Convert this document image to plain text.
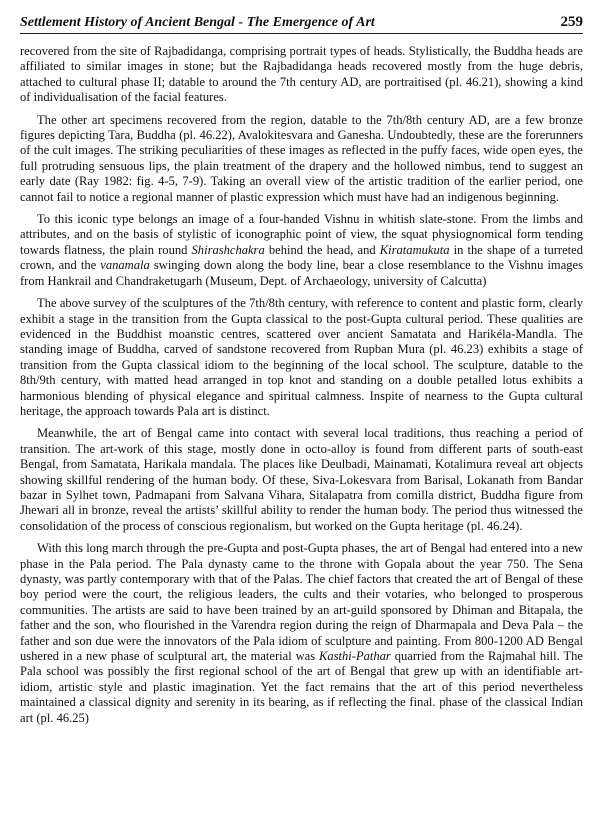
Settlement History of Ancient Bengal - The Emergence of Art	259

recovered from the site of Rajbadidanga, comprising portrait types of heads. Stylistically, the Buddha heads are affiliated to similar images in stone; but the Rajbadidanga heads recovered mostly from the huge debris, attached to cultural phase II; datable to around the 7th century AD, are portraitised (pl. 46.21), showing a kind of individualisation of the facial features.

The other art specimens recovered from the region, datable to the 7th/8th century AD, are a few bronze figures depicting Tara, Buddha (pl. 46.22), Avalokitesvara and Ganesha. Undoubtedly, these are the forerunners of the cult images. The striking peculiarities of these images as reflected in the puffy faces, wide open eyes, the full protruding sensuous lips, the plain treatment of the drapery and the hollowed nimbus, tend to suggest an early date (Ray 1982: fig. 4-5, 7-9). Taking an overall view of the artistic tradition of the earlier period, one cannot fail to notice a regional manner of plastic expression which must have had an indigenous beginning.

To this iconic type belongs an image of a four-handed Vishnu in whitish slate-stone. From the limbs and attributes, and on the basis of stylistic of iconographic point of view, the squat physiognomical form tending towards flatness, the plain round Shirashchakra behind the head, and Kiratamukuta in the shape of a turreted crown, and the vanamala swinging down along the body line, bear a close resemblance to the Vishnu images from Hankrail and Chandraketugarh (Museum, Dept. of Archaeology, university of Calcutta)

The above survey of the sculptures of the 7th/8th century, with reference to content and plastic form, clearly exhibit a stage in the transition from the Gupta classical to the post-Gupta cultural period. These qualities are evidenced in the Buddhist moanstic centres, scattered over ancient Samatata and Harikéla-Mandla. The standing image of Buddha, carved of sandstone recovered from Rupban Mura (pl. 46.23) exhibits a stage of transition from the Gupta classical idiom to the beginning of the local school. The sculpture, datable to the 8th/9th century, with matted head arranged in top knot and standing on a double petalled lotus exhibits a harmonious blending of physical elegance and spiritual calmness. Inspite of nearness to the Gupta cultural heritage, the approach towards Pala art is distinct.

Meanwhile, the art of Bengal came into contact with several local traditions, thus reaching a period of transition. The art-work of this stage, mostly done in octo-alloy is found from different parts of south-east Bengal, from Samatata, Harikala mandala. The places like Deulbadi, Mainamati, Kotalimura reveal art objects showing skillful rendering of the human body. Of these, Siva-Lokesvara from Barisal, Lokanath from Bandar bazar in Sylhet town, Padmapani from Salvana Vihara, Sitalapatra from comilla district, Buddha figure from Jhewari all in bronze, reveal the artists’ skillful ability to render the human body. The period thus witnessed the consolidation of the process of conscious regionalism, but worked on the Gupta heritage (pl. 46.24).

With this long march through the pre-Gupta and post-Gupta phases, the art of Bengal had entered into a new phase in the Pala period. The Pala dynasty came to the throne with Gopala about the year 750. The Sena dynasty, was partly contemporary with that of the Palas. The chief factors that created the art of Bengal of these boy period were the court, the religious leaders, the cults and their votaries, who belonged to prosperous communities. The artists are said to have been trained by an art-guild sponsored by Dhiman and Bitapala, the father and the son, who flourished in the Varendra region during the reign of Dharmapala and Deva Pala – the father and son due were the innovators of the Pala idiom of sculpture and painting. From 800-1200 AD Bengal ushered in a new phase of sculptural art, the material was Kasthi-Pathar quarried from the Rajmahal hill. The Pala school was possibly the first regional school of the art of Bengal that grew up with an identifiable art-idiom, artistic style and plastic imagination. Yet the fact remains that the art of this period nevertheless maintained a classical dignity and serenity in its bearing, as if reflecting the final. phase of the classical Indian art (pl. 46.25)
